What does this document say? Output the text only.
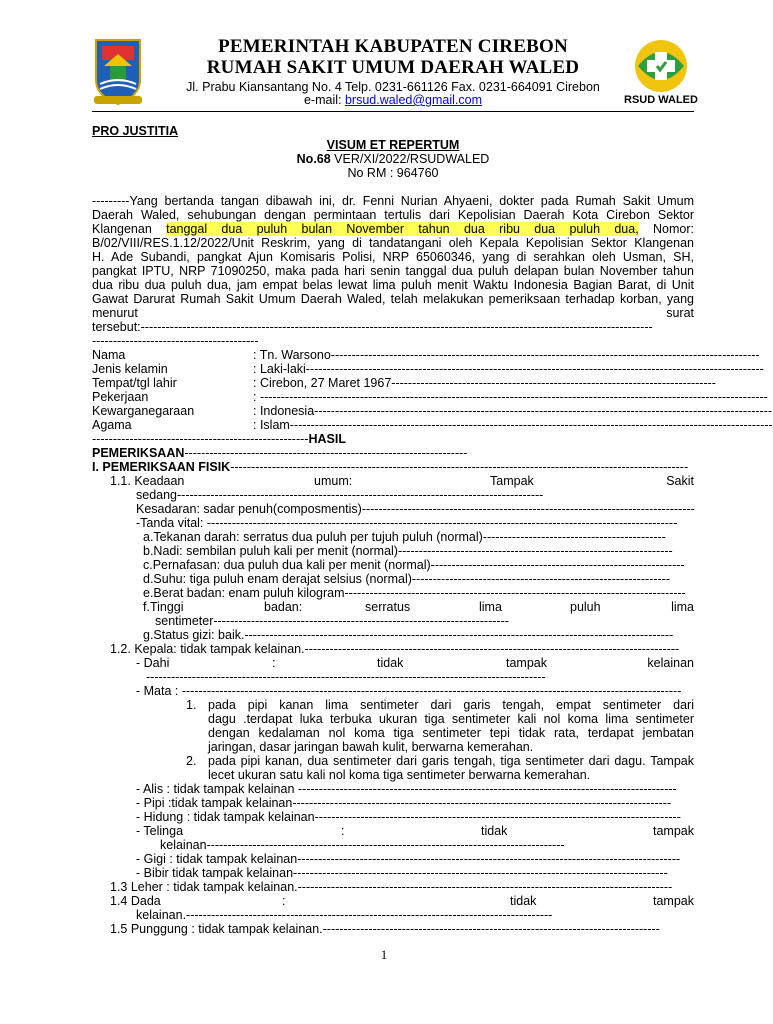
RSUD WALED
PEMERINTAH KABUPATEN CIREBON
RUMAH SAKIT UMUM DAERAH WALED
Jl. Prabu Kiansantang No. 4 Telp. 0231-661126 Fax. 0231-664091 Cirebon
e-mail: brsud.waled@gmail.com
PRO JUSTITIA
VISUM ET REPERTUM
No.68 VER/XI/2022/RSUDWALED
No RM : 964760
---------Yang bertanda tangan dibawah ini, dr. Fenni Nurian Ahyaeni, dokter pada Rumah Sakit Umum
Daerah Waled, sehubungan dengan permintaan tertulis dari Kepolisian Daerah Kota Cirebon Sektor
Klangenan tanggal dua puluh bulan November tahun dua ribu dua puluh dua, Nomor:
B/02/VIII/RES.1.12/2022/Unit Reskrim, yang di tandatangani oleh Kepala Kepolisian Sektor Klangenan
H. Ade Subandi, pangkat Ajun Komisaris Polisi, NRP 65060346, yang di serahkan oleh Usman, SH,
pangkat IPTU, NRP 71090250, maka pada hari senin tanggal dua puluh delapan bulan November tahun
dua ribu dua puluh dua, jam empat belas lewat lima puluh menit Waktu Indonesia Bagian Barat, di Unit
Gawat Darurat Rumah Sakit Umum Daerah Waled, telah melakukan pemeriksaan terhadap korban, yang
menurut	surat
tersebut:---------------------------------------------------------------------------------------------------------------------------
----------------------------------------
Nama	: Tn. Warsono-------------------------------------------------------------------------------------------------------
Jenis kelamin	: Laki-laki--------------------------------------------------------------------------------------------------------------
Tempat/tgl lahir	: Cirebon, 27 Maret 1967------------------------------------------------------------------------------
Pekerjaan	: --------------------------------------------------------------------------------------------------------------------------
Kewarganegaraan	: Indonesia--------------------------------------------------------------------------------------------------------------
Agama	: Islam--------------------------------------------------------------------------------------------------------------------
----------------------------------------------------HASIL
PEMERIKSAAN--------------------------------------------------------------------
I. PEMERIKSAAN FISIK--------------------------------------------------------------------------------------------------------------
1.1. Keadaan	umum:	Tampak	Sakit
sedang----------------------------------------------------------------------------------------
Kesadaran: sadar penuh(composmentis)--------------------------------------------------------------------------------
-Tanda vital: -----------------------------------------------------------------------------------------------------------------
a.Tekanan darah: serratus dua puluh per tujuh puluh (normal)--------------------------------------------
b.Nadi: sembilan puluh kali per menit (normal)------------------------------------------------------------------
c.Pernafasan: dua puluh dua kali per menit (normal)-------------------------------------------------------------
d.Suhu: tiga puluh enam derajat selsius (normal)--------------------------------------------------------------
e.Berat badan: enam puluh kilogram----------------------------------------------------------------------------------
f.Tinggi	badan:	serratus	lima	puluh	lima
sentimeter-----------------------------------------------------------------------
g.Status gizi: baik.-------------------------------------------------------------------------------------------------------
1.2. Kepala: tidak tampak kelainan.------------------------------------------------------------------------------------------
- Dahi	:	tidak	tampak	kelainan
------------------------------------------------------------------------------------------------
- Mata : ------------------------------------------------------------------------------------------------------------------------
1. pada pipi kanan lima sentimeter dari garis tengah, empat sentimeter dari
dagu .terdapat luka terbuka ukuran tiga sentimeter kali nol koma lima sentimeter
dengan kedalaman nol koma tiga sentimeter tepi tidak rata, terdapat jembatan
jaringan, dasar jaringan bawah kulit, berwarna kemerahan.
2. pada pipi kanan, dua sentimeter dari garis tengah, tiga sentimeter dari dagu. Tampak
lecet ukuran satu kali nol koma tiga sentimeter berwarna kemerahan.
- Alis : tidak tampak kelainan -------------------------------------------------------------------------------------------
- Pipi :tidak tampak kelainan-------------------------------------------------------------------------------------------
- Hidung : tidak tampak kelainan----------------------------------------------------------------------------------------
- Telinga	:	tidak	tampak
kelainan--------------------------------------------------------------------------------------
- Gigi : tidak tampak kelainan--------------------------------------------------------------------------------------------
- Bibir tidak tampak kelainan------------------------------------------------------------------------------------------
1.3 Leher : tidak tampak kelainan.------------------------------------------------------------------------------------------
1.4 Dada	:	tidak	tampak
kelainan.----------------------------------------------------------------------------------------
1.5 Punggung : tidak tampak kelainan.---------------------------------------------------------------------------------
1
